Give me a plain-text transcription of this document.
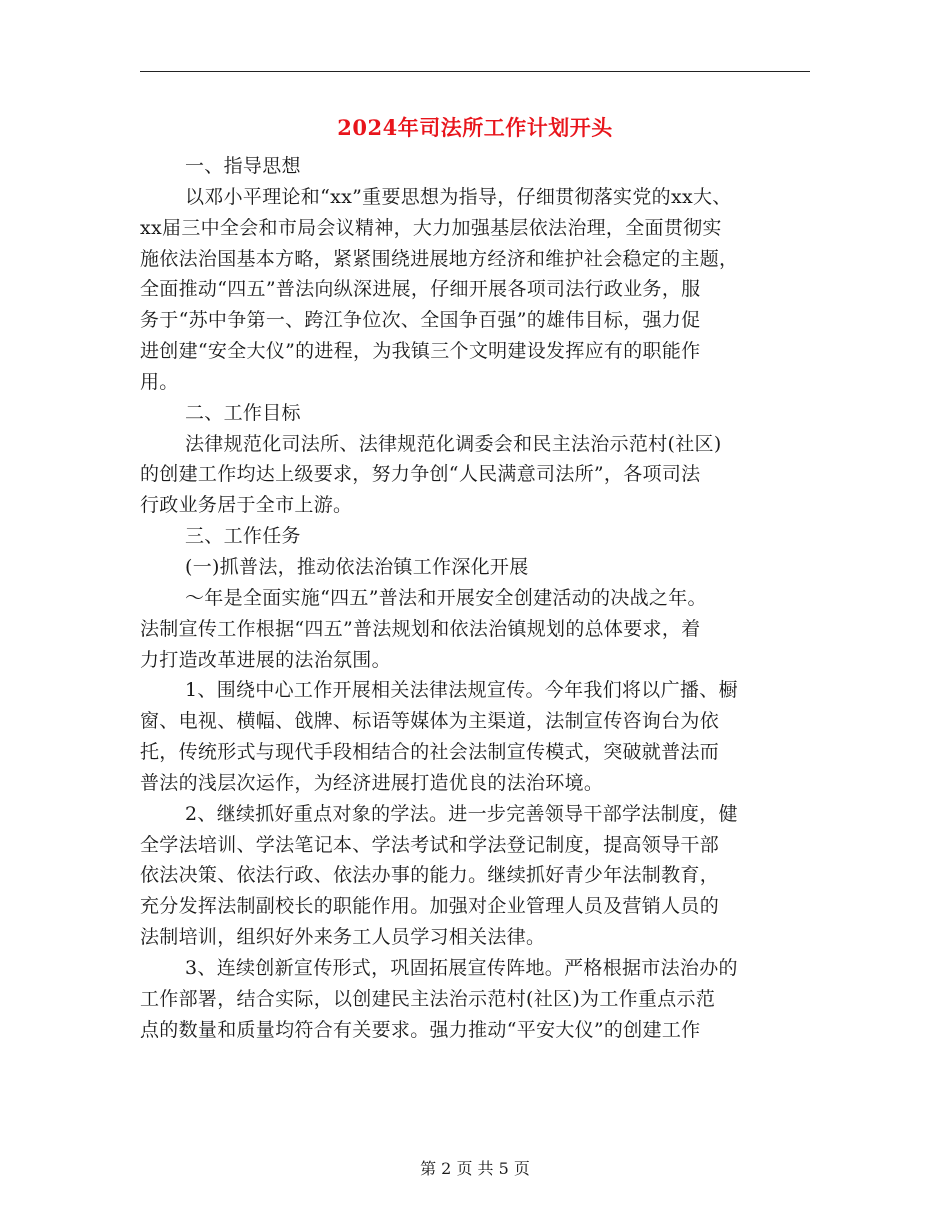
2024年司法所工作计划开头
一、指导思想
以邓小平理论和“xx”重要思想为指导，仔细贯彻落实党的xx大、
xx届三中全会和市局会议精神，大力加强基层依法治理，全面贯彻实
施依法治国基本方略，紧紧围绕进展地方经济和维护社会稳定的主题，
全面推动“四五”普法向纵深进展，仔细开展各项司法行政业务，服
务于“苏中争第一、跨江争位次、全国争百强”的雄伟目标，强力促
进创建“安全大仪”的进程，为我镇三个文明建设发挥应有的职能作
用。
二、工作目标
法律规范化司法所、法律规范化调委会和民主法治示范村(社区)
的创建工作均达上级要求，努力争创“人民满意司法所”，各项司法
行政业务居于全市上游。
三、工作任务
(一)抓普法，推动依法治镇工作深化开展
～年是全面实施“四五”普法和开展安全创建活动的决战之年。
法制宣传工作根据“四五”普法规划和依法治镇规划的总体要求，着
力打造改革进展的法治氛围。
1、围绕中心工作开展相关法律法规宣传。今年我们将以广播、橱
窗、电视、横幅、戗牌、标语等媒体为主渠道，法制宣传咨询台为依
托，传统形式与现代手段相结合的社会法制宣传模式，突破就普法而
普法的浅层次运作，为经济进展打造优良的法治环境。
2、继续抓好重点对象的学法。进一步完善领导干部学法制度，健
全学法培训、学法笔记本、学法考试和学法登记制度，提高领导干部
依法决策、依法行政、依法办事的能力。继续抓好青少年法制教育，
充分发挥法制副校长的职能作用。加强对企业管理人员及营销人员的
法制培训，组织好外来务工人员学习相关法律。
3、连续创新宣传形式，巩固拓展宣传阵地。严格根据市法治办的
工作部署，结合实际，以创建民主法治示范村(社区)为工作重点示范
点的数量和质量均符合有关要求。强力推动“平安大仪”的创建工作
第 2 页 共 5 页
